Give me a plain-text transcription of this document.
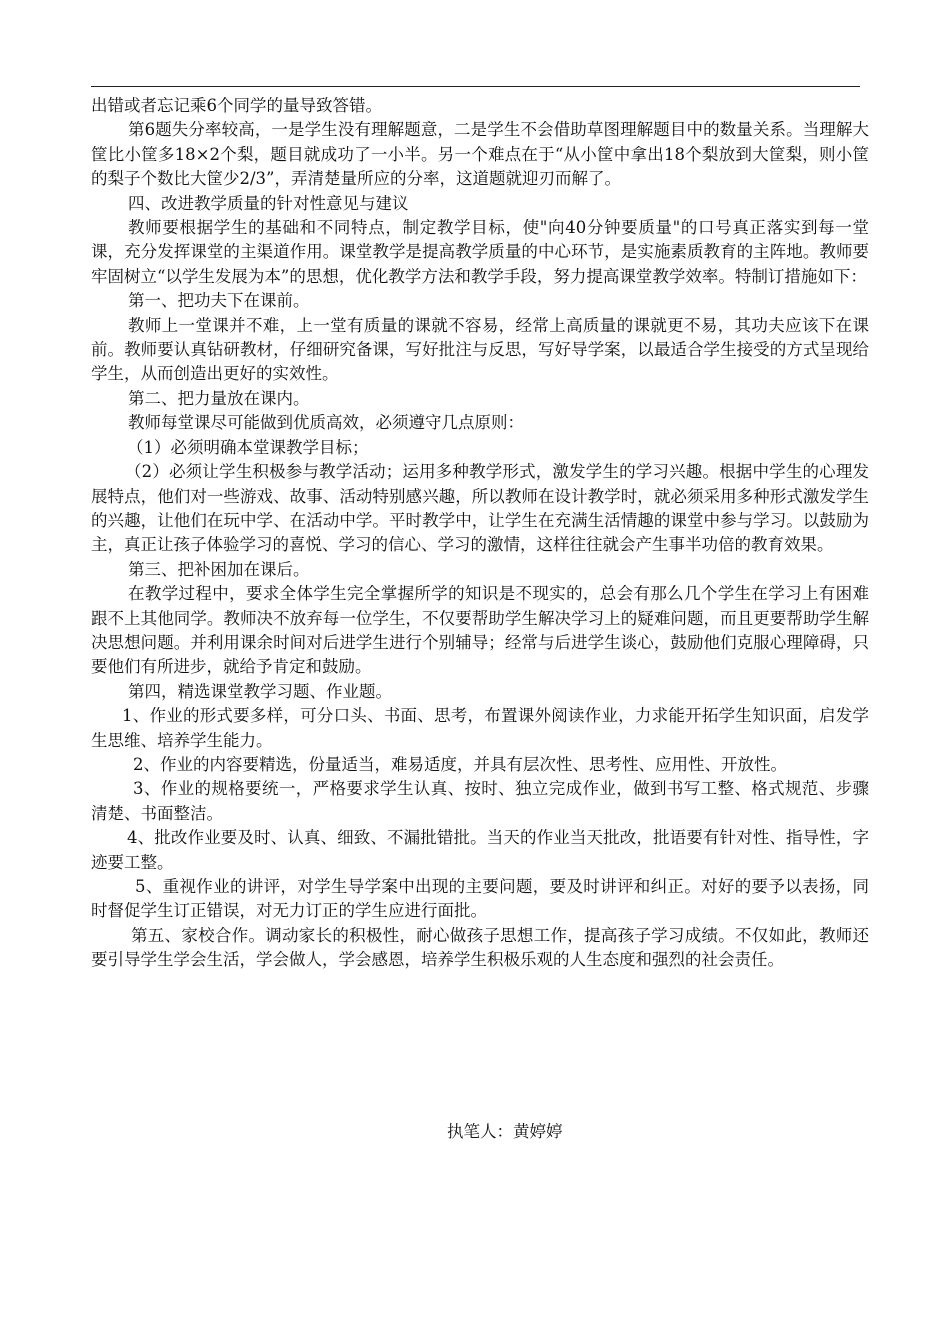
出错或者忘记乘6个同学的量导致答错。

第6题失分率较高，一是学生没有理解题意，二是学生不会借助草图理解题目中的数量关系。当理解大筐比小筐多18×2个梨，题目就成功了一小半。另一个难点在于“从小筐中拿出18个梨放到大筐梨，则小筐的梨子个数比大筐少2/3”，弄清楚量所应的分率，这道题就迎刃而解了。

四、改进教学质量的针对性意见与建议

教师要根据学生的基础和不同特点，制定教学目标，使"向40分钟要质量"的口号真正落实到每一堂课，充分发挥课堂的主渠道作用。课堂教学是提高教学质量的中心环节，是实施素质教育的主阵地。教师要牢固树立“以学生发展为本”的思想，优化教学方法和教学手段，努力提高课堂教学效率。特制订措施如下：

第一、把功夫下在课前。

教师上一堂课并不难，上一堂有质量的课就不容易，经常上高质量的课就更不易，其功夫应该下在课前。教师要认真钻研教材，仔细研究备课，写好批注与反思，写好导学案，以最适合学生接受的方式呈现给学生，从而创造出更好的实效性。

第二、把力量放在课内。

教师每堂课尽可能做到优质高效，必须遵守几点原则：

（1）必须明确本堂课教学目标；

（2）必须让学生积极参与教学活动；运用多种教学形式，激发学生的学习兴趣。根据中学生的心理发展特点，他们对一些游戏、故事、活动特别感兴趣，所以教师在设计教学时，就必须采用多种形式激发学生的兴趣，让他们在玩中学、在活动中学。平时教学中，让学生在充满生活情趣的课堂中参与学习。以鼓励为主，真正让孩子体验学习的喜悦、学习的信心、学习的激情，这样往往就会产生事半功倍的教育效果。

第三、把补困加在课后。

在教学过程中，要求全体学生完全掌握所学的知识是不现实的，总会有那么几个学生在学习上有困难跟不上其他同学。教师决不放弃每一位学生，不仅要帮助学生解决学习上的疑难问题，而且更要帮助学生解决思想问题。并利用课余时间对后进学生进行个别辅导；经常与后进学生谈心，鼓励他们克服心理障碍，只要他们有所进步，就给予肯定和鼓励。

第四，精选课堂教学习题、作业题。

1、作业的形式要多样，可分口头、书面、思考，布置课外阅读作业，力求能开拓学生知识面，启发学生思维、培养学生能力。

2、作业的内容要精选，份量适当，难易适度，并具有层次性、思考性、应用性、开放性。

3、作业的规格要统一，严格要求学生认真、按时、独立完成作业，做到书写工整、格式规范、步骤清楚、书面整洁。

4、批改作业要及时、认真、细致、不漏批错批。当天的作业当天批改，批语要有针对性、指导性，字迹要工整。

5、重视作业的讲评，对学生导学案中出现的主要问题，要及时讲评和纠正。对好的要予以表扬，同时督促学生订正错误，对无力订正的学生应进行面批。

第五、家校合作。调动家长的积极性，耐心做孩子思想工作，提高孩子学习成绩。不仅如此，教师还要引导学生学会生活，学会做人，学会感恩，培养学生积极乐观的人生态度和强烈的社会责任。

执笔人：黄婷婷
